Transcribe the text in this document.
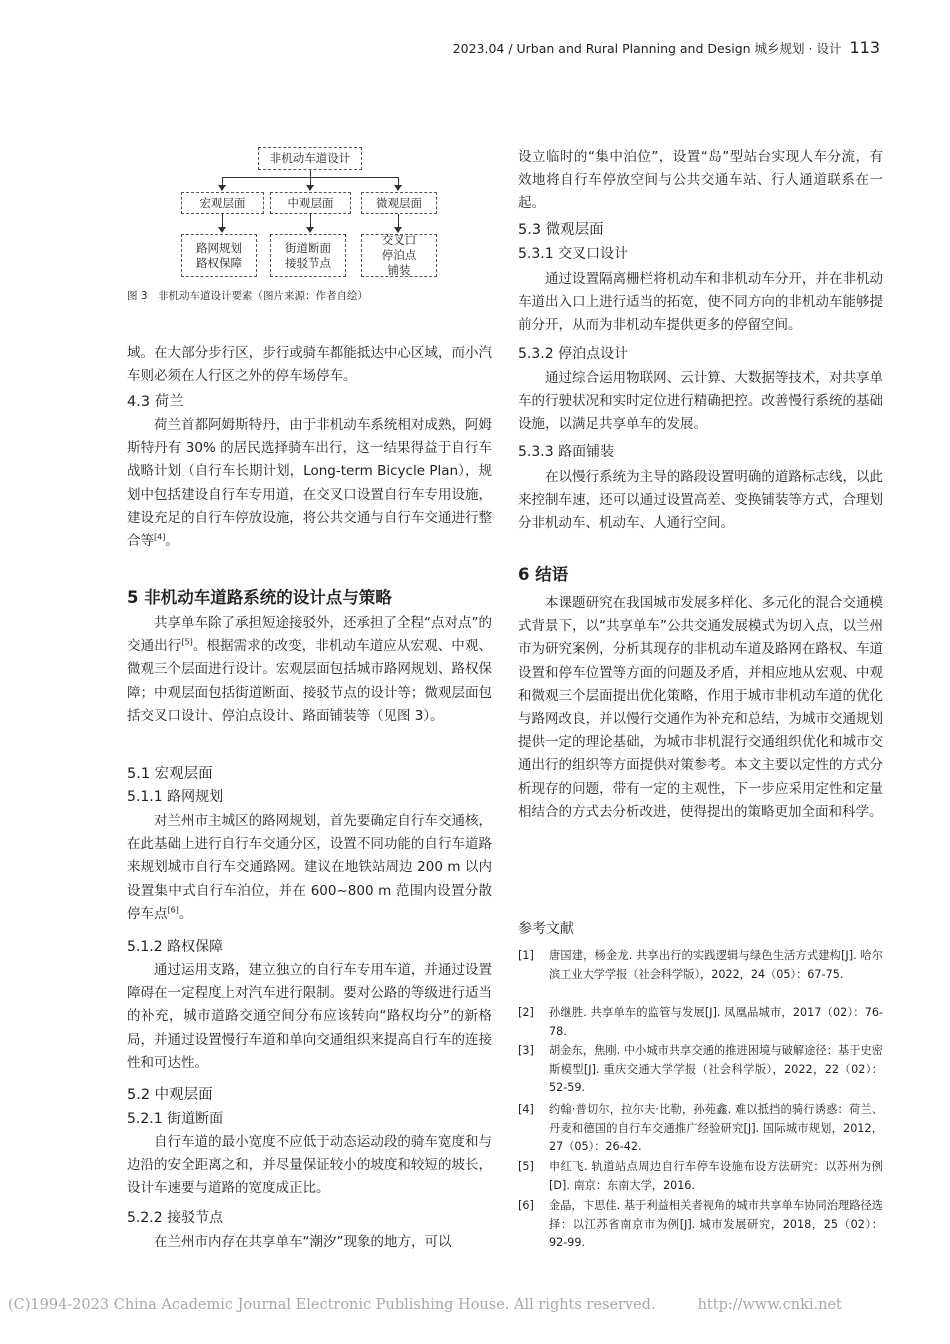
2023.04 / Urban and Rural Planning and Design 城乡规划 · 设计 113
非机动车道设计
宏观层面	中观层面	微观层面
路网规划
路权保障
街道断面
接驳节点
交叉口
停泊点
铺装
图 3　非机动车道设计要素（图片来源：作者自绘）
域。在大部分步行区，步行或骑车都能抵达中心区域，而小汽车则必须在人行区之外的停车场停车。
4.3 荷兰
荷兰首都阿姆斯特丹，由于非机动车系统相对成熟，阿姆斯特丹有 30% 的居民选择骑车出行，这一结果得益于自行车战略计划（自行车长期计划，Long-term Bicycle Plan），规划中包括建设自行车专用道，在交叉口设置自行车专用设施，建设充足的自行车停放设施，将公共交通与自行车交通进行整合等[4]。
5 非机动车道路系统的设计点与策略
共享单车除了承担短途接驳外，还承担了全程“点对点”的交通出行[5]。根据需求的改变，非机动车道应从宏观、中观、微观三个层面进行设计。宏观层面包括城市路网规划、路权保障；中观层面包括街道断面、接驳节点的设计等；微观层面包括交叉口设计、停泊点设计、路面铺装等（见图 3）。
5.1 宏观层面
5.1.1 路网规划
对兰州市主城区的路网规划，首先要确定自行车交通核，在此基础上进行自行车交通分区，设置不同功能的自行车道路来规划城市自行车交通路网。建议在地铁站周边 200 m 以内设置集中式自行车泊位，并在 600~800 m 范围内设置分散停车点[6]。
5.1.2 路权保障
通过运用支路，建立独立的自行车专用车道，并通过设置障碍在一定程度上对汽车进行限制。要对公路的等级进行适当的补充，城市道路交通空间分布应该转向“路权均分”的新格局，并通过设置慢行车道和单向交通组织来提高自行车的连接性和可达性。
5.2 中观层面
5.2.1 街道断面
自行车道的最小宽度不应低于动态运动段的骑车宽度和与边沿的安全距离之和，并尽量保证较小的坡度和较短的坡长，设计车速要与道路的宽度成正比。
5.2.2 接驳节点
在兰州市内存在共享单车“潮汐”现象的地方，可以
设立临时的“集中泊位”，设置“岛”型站台实现人车分流，有效地将自行车停放空间与公共交通车站、行人通道联系在一起。
5.3 微观层面
5.3.1 交叉口设计
通过设置隔离栅栏将机动车和非机动车分开，并在非机动车道出入口上进行适当的拓宽，使不同方向的非机动车能够提前分开，从而为非机动车提供更多的停留空间。
5.3.2 停泊点设计
通过综合运用物联网、云计算、大数据等技术，对共享单车的行驶状况和实时定位进行精确把控。改善慢行系统的基础设施，以满足共享单车的发展。
5.3.3 路面铺装
在以慢行系统为主导的路段设置明确的道路标志线，以此来控制车速，还可以通过设置高差、变换铺装等方式，合理划分非机动车、机动车、人通行空间。
6 结语
本课题研究在我国城市发展多样化、多元化的混合交通模式背景下，以“共享单车”公共交通发展模式为切入点，以兰州市为研究案例，分析其现存的非机动车道及路网在路权、车道设置和停车位置等方面的问题及矛盾，并相应地从宏观、中观和微观三个层面提出优化策略，作用于城市非机动车道的优化与路网改良，并以慢行交通作为补充和总结，为城市交通规划提供一定的理论基础，为城市非机混行交通组织优化和城市交通出行的组织等方面提供对策参考。本文主要以定性的方式分析现存的问题，带有一定的主观性，下一步应采用定性和定量相结合的方式去分析改进，使得提出的策略更加全面和科学。
参考文献
[1]	唐国建，杨金龙. 共享出行的实践逻辑与绿色生活方式建构[J]. 哈尔滨工业大学学报（社会科学版），2022，24（05）：67-75.
[2]	孙继胜. 共享单车的监管与发展[J]. 凤凰品城市，2017（02）：76-78.
[3]	胡金东，焦刚. 中小城市共享交通的推进困境与破解途径：基于史密斯模型[J]. 重庆交通大学学报（社会科学版），2022，22（02）：52-59.
[4]	约翰·普切尔，拉尔夫·比勒，孙苑鑫. 难以抵挡的骑行诱惑：荷兰、丹麦和德国的自行车交通推广经验研究[J]. 国际城市规划，2012，27（05）：26-42.
[5]	申红飞. 轨道站点周边自行车停车设施布设方法研究：以苏州为例[D]. 南京：东南大学，2016.
[6]	金晶，卞思佳. 基于利益相关者视角的城市共享单车协同治理路径选择：以江苏省南京市为例[J]. 城市发展研究，2018，25（02）：92-99.
(C)1994-2023 China Academic Journal Electronic Publishing House. All rights reserved.	http://www.cnki.net
